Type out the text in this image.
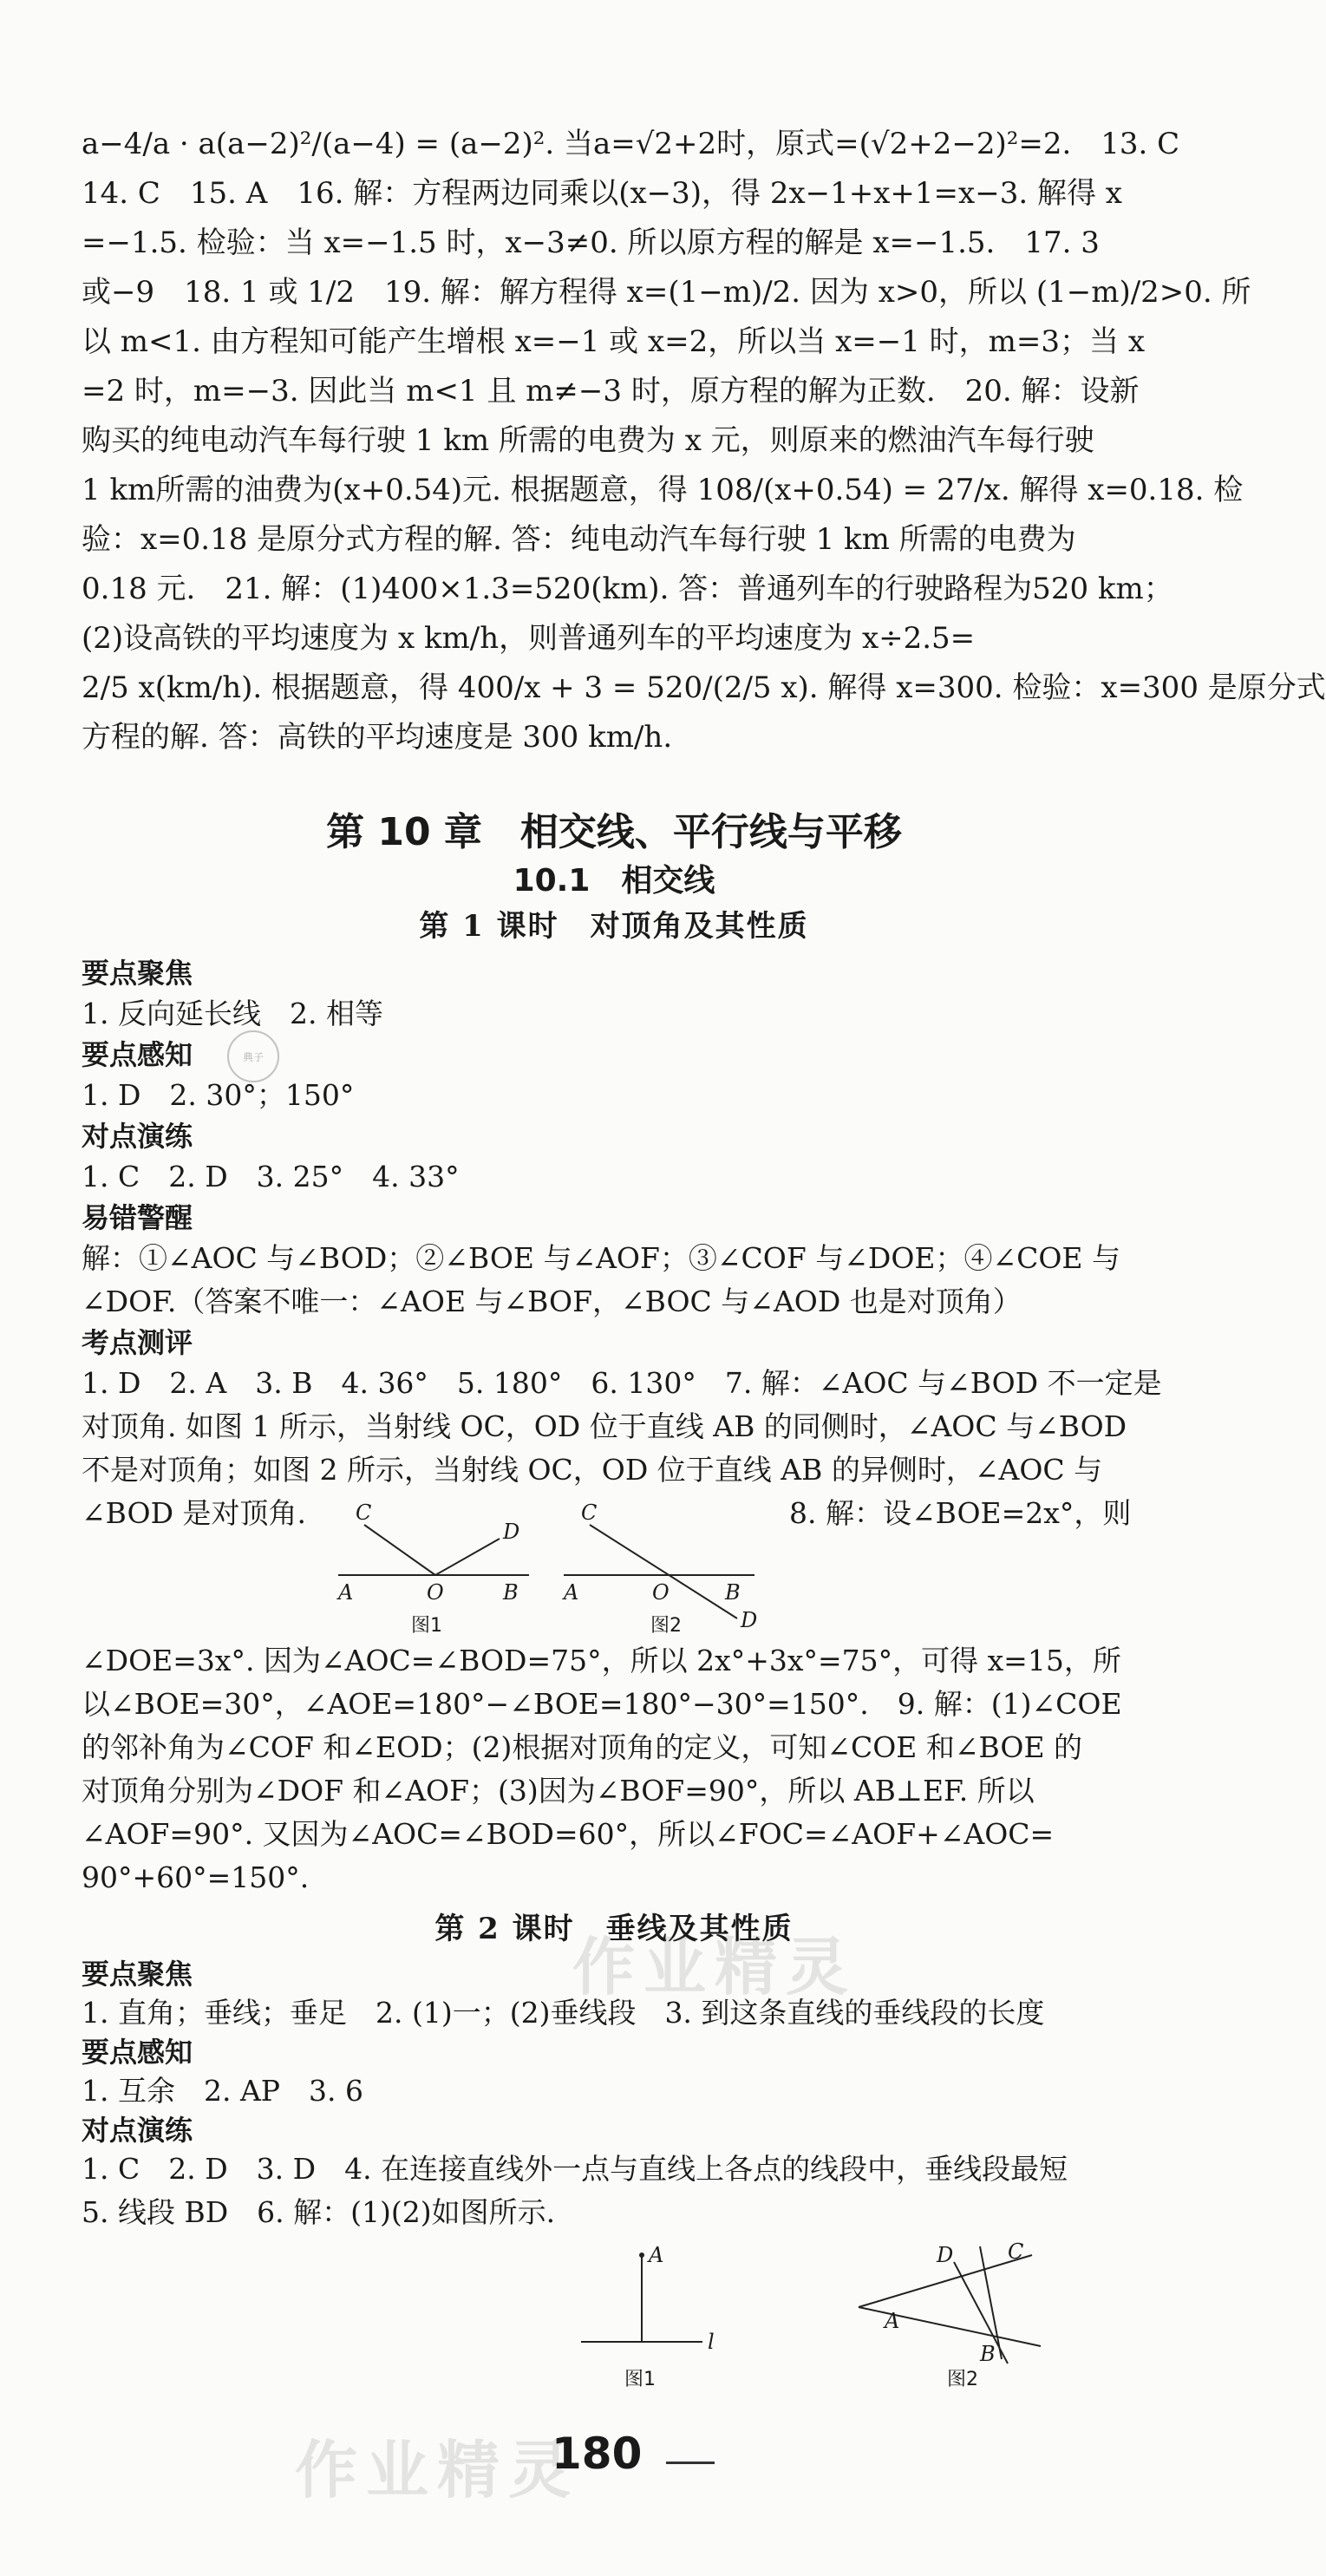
a−4/a · a(a−2)²/(a−4) = (a−2)². 当a=√2+2时，原式=(√2+2−2)²=2.　13. C
14. C　15. A　16. 解：方程两边同乘以(x−3)，得 2x−1+x+1=x−3. 解得 x
=−1.5. 检验：当 x=−1.5 时，x−3≠0. 所以原方程的解是 x=−1.5.　17. 3
或−9　18. 1 或 1/2　19. 解：解方程得 x=(1−m)/2. 因为 x>0，所以 (1−m)/2>0. 所
以 m<1. 由方程知可能产生增根 x=−1 或 x=2，所以当 x=−1 时，m=3；当 x
=2 时，m=−3. 因此当 m<1 且 m≠−3 时，原方程的解为正数.　20. 解：设新
购买的纯电动汽车每行驶 1 km 所需的电费为 x 元，则原来的燃油汽车每行驶
1 km所需的油费为(x+0.54)元. 根据题意，得 108/(x+0.54) = 27/x. 解得 x=0.18. 检
验：x=0.18 是原分式方程的解. 答：纯电动汽车每行驶 1 km 所需的电费为
0.18 元.　21. 解：(1)400×1.3=520(km). 答：普通列车的行驶路程为520 km；
(2)设高铁的平均速度为 x km/h，则普通列车的平均速度为 x÷2.5=
2/5 x(km/h). 根据题意，得 400/x + 3 = 520/(2/5 x). 解得 x=300. 检验：x=300 是原分式
方程的解. 答：高铁的平均速度是 300 km/h.
第 10 章　相交线、平行线与平移
10.1　相交线
第 1 课时　对顶角及其性质

要点聚焦

1. 反向延长线　2. 相等

要点感知	典子

1. D　2. 30°；150°

对点演练

1. C　2. D　3. 25°　4. 33°

易错警醒

解：①∠AOC 与∠BOD；②∠BOE 与∠AOF；③∠COF 与∠DOE；④∠COE 与

∠DOF.（答案不唯一：∠AOE 与∠BOF，∠BOC 与∠AOD 也是对顶角）

考点测评

1. D　2. A　3. B　4. 36°　5. 180°　6. 130°　7. 解：∠AOC 与∠BOD 不一定是

对顶角. 如图 1 所示，当射线 OC，OD 位于直线 AB 的同侧时，∠AOC 与∠BOD

不是对顶角；如图 2 所示，当射线 OC，OD 位于直线 AB 的异侧时，∠AOC 与

∠BOD 是对顶角.	8. 解：设∠BOE=2x°，则

C
D
A	O	B
图1
C
A	O	B
D
图2

∠DOE=3x°. 因为∠AOC=∠BOD=75°，所以 2x°+3x°=75°，可得 x=15，所

以∠BOE=30°，∠AOE=180°−∠BOE=180°−30°=150°.　9. 解：(1)∠COE

的邻补角为∠COF 和∠EOD；(2)根据对顶角的定义，可知∠COE 和∠BOE 的

对顶角分别为∠DOF 和∠AOF；(3)因为∠BOF=90°，所以 AB⊥EF. 所以

∠AOF=90°. 又因为∠AOC=∠BOD=60°，所以∠FOC=∠AOF+∠AOC=

90°+60°=150°.

第 2 课时　垂线及其性质

要点聚焦

1. 直角；垂线；垂足　2. (1)一；(2)垂线段　3. 到这条直线的垂线段的长度

要点感知

1. 互余　2. AP　3. 6

对点演练

1. C　2. D　3. D　4. 在连接直线外一点与直线上各点的线段中，垂线段最短

5. 线段 BD　6. 解：(1)(2)如图所示.

A
l
图1
D	C
A
B
图2
作业精灵
作业精灵

180
